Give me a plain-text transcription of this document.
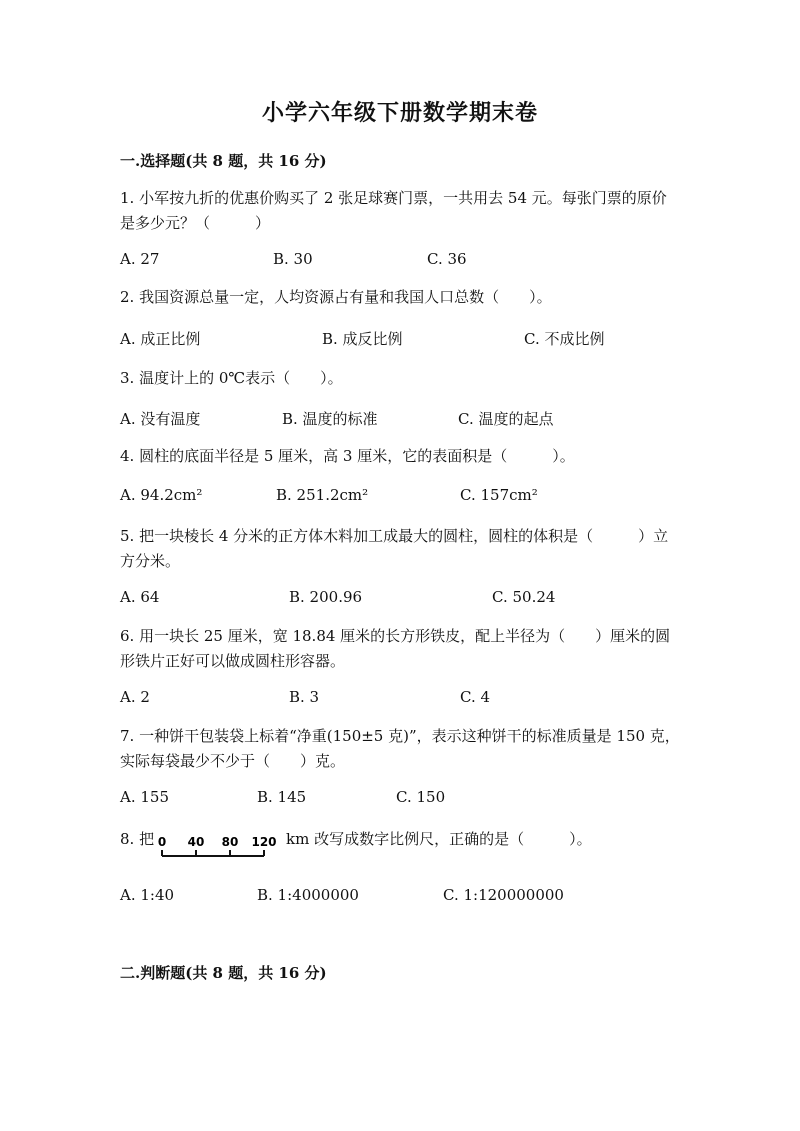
小学六年级下册数学期末卷
一.选择题(共 8 题，共 16 分)
1. 小军按九折的优惠价购买了 2 张足球赛门票，一共用去 54 元。每张门票的原价是多少元？（　　　）
A. 27	B. 30	C. 36
2. 我国资源总量一定，人均资源占有量和我国人口总数（　　）。
A. 成正比例	B. 成反比例	C. 不成比例
3. 温度计上的 0℃表示（　　）。
A. 没有温度	B. 温度的标准	C. 温度的起点
4. 圆柱的底面半径是 5 厘米，高 3 厘米，它的表面积是（　　　）。
A. 94.2cm²	B. 251.2cm²	C. 157cm²
5. 把一块棱长 4 分米的正方体木料加工成最大的圆柱，圆柱的体积是（　　　）立方分米。
A. 64	B. 200.96	C. 50.24
6. 用一块长 25 厘米，宽 18.84 厘米的长方形铁皮，配上半径为（　　）厘米的圆形铁片正好可以做成圆柱形容器。
A. 2	B. 3	C. 4
7. 一种饼干包装袋上标着“净重(150±5 克)”，表示这种饼干的标准质量是 150 克，实际每袋最少不少于（　　）克。
A. 155	B. 145	C. 150
8. 把 0 40 80 120 km 改写成数字比例尺，正确的是（　　　）。
A. 1:40	B. 1:4000000	C. 1:120000000
二.判断题(共 8 题，共 16 分)
